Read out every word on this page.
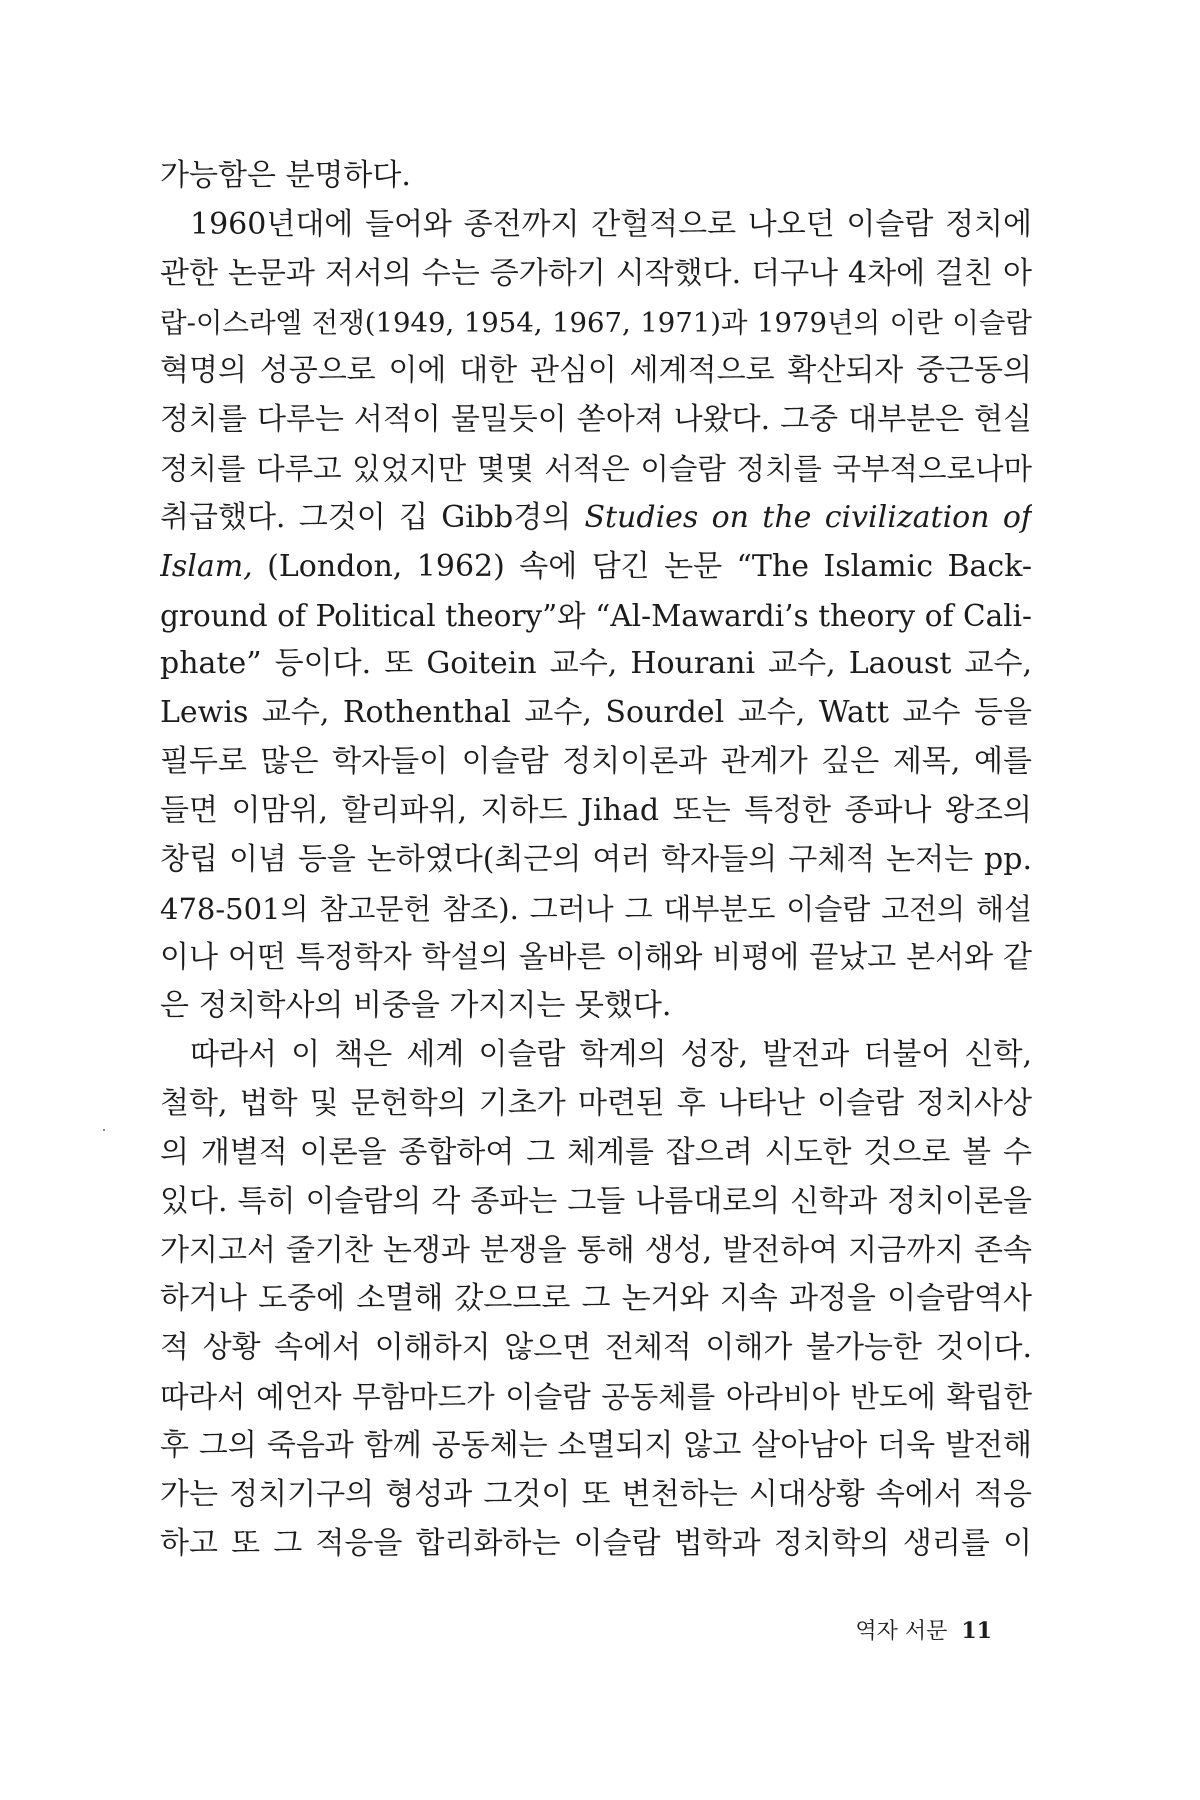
가능함은 분명하다.
1960년대에 들어와 종전까지 간헐적으로 나오던 이슬람 정치에
관한 논문과 저서의 수는 증가하기 시작했다. 더구나 4차에 걸친 아
랍-이스라엘 전쟁(1949, 1954, 1967, 1971)과 1979년의 이란 이슬람
혁명의 성공으로 이에 대한 관심이 세계적으로 확산되자 중근동의
정치를 다루는 서적이 물밀듯이 쏟아져 나왔다. 그중 대부분은 현실
정치를 다루고 있었지만 몇몇 서적은 이슬람 정치를 국부적으로나마
취급했다. 그것이 깁 Gibb경의 Studies on the civilization of
Islam, (London, 1962) 속에 담긴 논문 “The Islamic Back-
ground of Political theory”와 “Al-Mawardi’s theory of Cali-
phate” 등이다. 또 Goitein 교수, Hourani 교수, Laoust 교수,
Lewis 교수, Rothenthal 교수, Sourdel 교수, Watt 교수 등을
필두로 많은 학자들이 이슬람 정치이론과 관계가 깊은 제목, 예를
들면 이맘위, 할리파위, 지하드 Jihad 또는 특정한 종파나 왕조의
창립 이념 등을 논하였다(최근의 여러 학자들의 구체적 논저는 pp.
478-501의 참고문헌 참조). 그러나 그 대부분도 이슬람 고전의 해설
이나 어떤 특정학자 학설의 올바른 이해와 비평에 끝났고 본서와 같
은 정치학사의 비중을 가지지는 못했다.
따라서 이 책은 세계 이슬람 학계의 성장, 발전과 더불어 신학,
철학, 법학 및 문헌학의 기초가 마련된 후 나타난 이슬람 정치사상
의 개별적 이론을 종합하여 그 체계를 잡으려 시도한 것으로 볼 수
있다. 특히 이슬람의 각 종파는 그들 나름대로의 신학과 정치이론을
가지고서 줄기찬 논쟁과 분쟁을 통해 생성, 발전하여 지금까지 존속
하거나 도중에 소멸해 갔으므로 그 논거와 지속 과정을 이슬람역사
적 상황 속에서 이해하지 않으면 전체적 이해가 불가능한 것이다.
따라서 예언자 무함마드가 이슬람 공동체를 아라비아 반도에 확립한
후 그의 죽음과 함께 공동체는 소멸되지 않고 살아남아 더욱 발전해
가는 정치기구의 형성과 그것이 또 변천하는 시대상황 속에서 적응
하고 또 그 적응을 합리화하는 이슬람 법학과 정치학의 생리를 이
역자 서문 11
